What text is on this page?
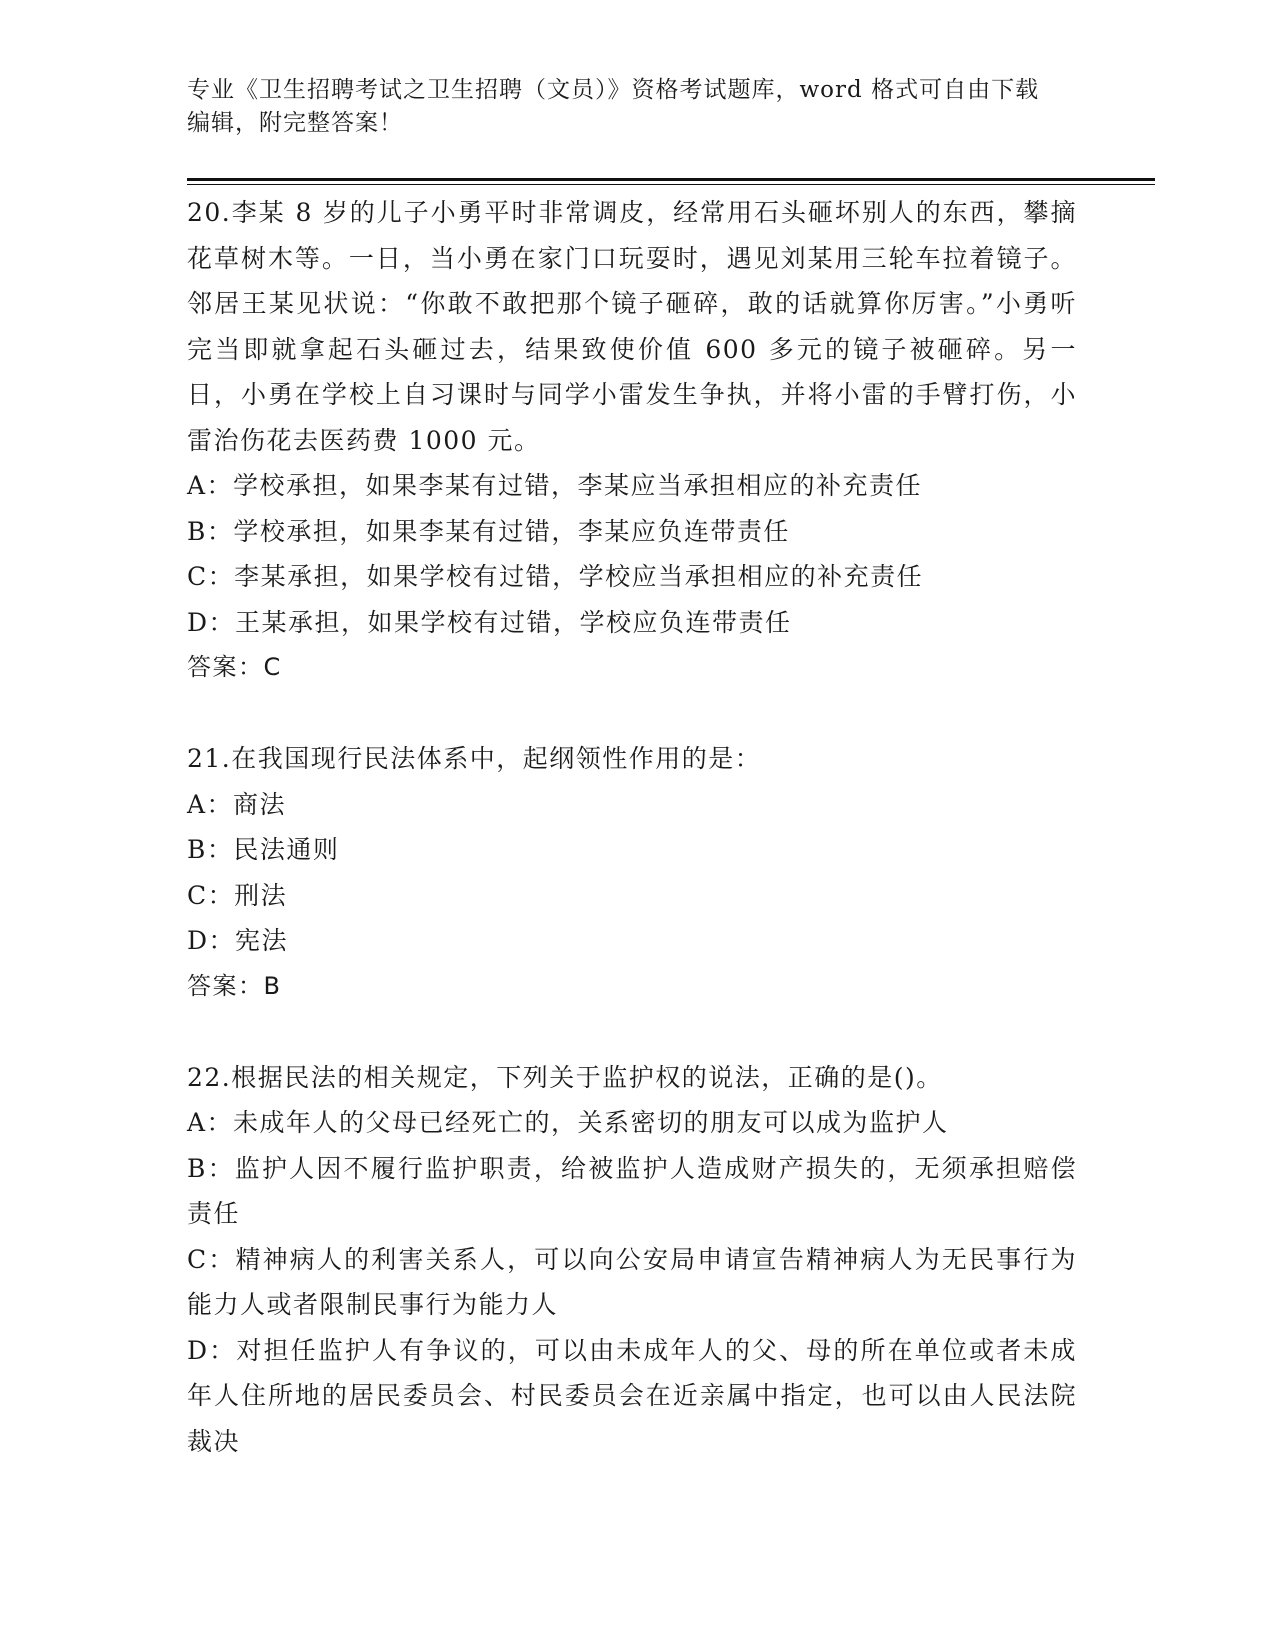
专业《卫生招聘考试之卫生招聘（文员）》资格考试题库，word 格式可自由下载
编辑，附完整答案！

20.李某 8 岁的儿子小勇平时非常调皮，经常用石头砸坏别人的东西，攀摘花草树木等。一日，当小勇在家门口玩耍时，遇见刘某用三轮车拉着镜子。邻居王某见状说：“你敢不敢把那个镜子砸碎，敢的话就算你厉害。”小勇听完当即就拿起石头砸过去，结果致使价值 600 多元的镜子被砸碎。另一日，小勇在学校上自习课时与同学小雷发生争执，并将小雷的手臂打伤，小雷治伤花去医药费 1000 元。

A：学校承担，如果李某有过错，李某应当承担相应的补充责任

B：学校承担，如果李某有过错，李某应负连带责任

C：李某承担，如果学校有过错，学校应当承担相应的补充责任

D：王某承担，如果学校有过错，学校应负连带责任

答案：C

21.在我国现行民法体系中，起纲领性作用的是：

A：商法

B：民法通则

C：刑法

D：宪法

答案：B

22.根据民法的相关规定，下列关于监护权的说法，正确的是()。

A：未成年人的父母已经死亡的，关系密切的朋友可以成为监护人

B：监护人因不履行监护职责，给被监护人造成财产损失的，无须承担赔偿责任

C：精神病人的利害关系人，可以向公安局申请宣告精神病人为无民事行为能力人或者限制民事行为能力人

D：对担任监护人有争议的，可以由未成年人的父、母的所在单位或者未成年人住所地的居民委员会、村民委员会在近亲属中指定，也可以由人民法院裁决
